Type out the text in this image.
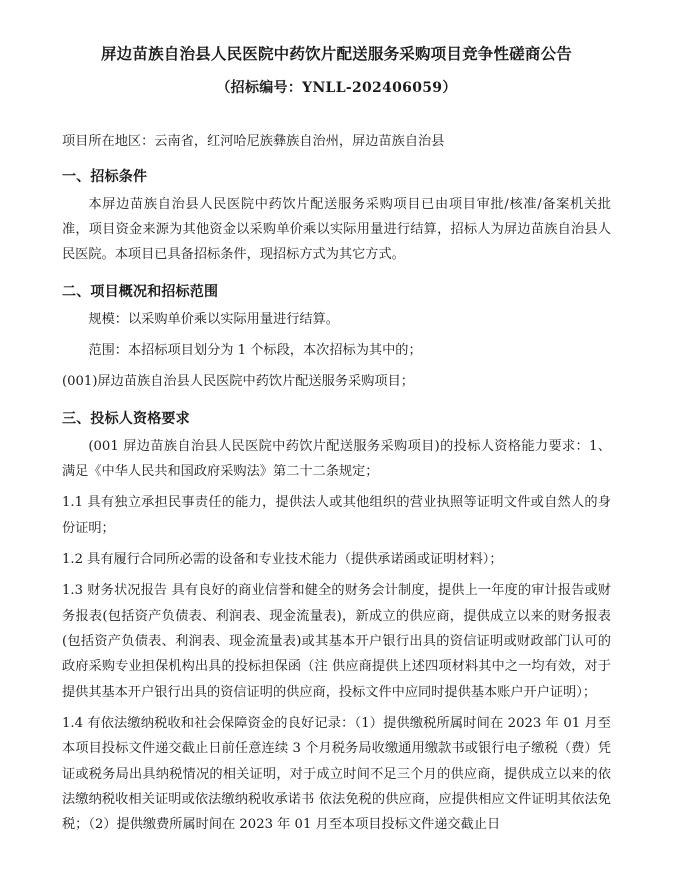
屏边苗族自治县人民医院中药饮片配送服务采购项目竞争性磋商公告
（招标编号：YNLL-202406059）

项目所在地区：云南省，红河哈尼族彝族自治州，屏边苗族自治县

一、招标条件

本屏边苗族自治县人民医院中药饮片配送服务采购项目已由项目审批/核准/备案机关批准，项目资金来源为其他资金以采购单价乘以实际用量进行结算，招标人为屏边苗族自治县人民医院。本项目已具备招标条件，现招标方式为其它方式。

二、项目概况和招标范围

规模：以采购单价乘以实际用量进行结算。

范围：本招标项目划分为 1 个标段，本次招标为其中的；

(001)屏边苗族自治县人民医院中药饮片配送服务采购项目；

三、投标人资格要求

(001 屏边苗族自治县人民医院中药饮片配送服务采购项目)的投标人资格能力要求：1、满足《中华人民共和国政府采购法》第二十二条规定；

1.1 具有独立承担民事责任的能力，提供法人或其他组织的营业执照等证明文件或自然人的身份证明；

1.2 具有履行合同所必需的设备和专业技术能力（提供承诺函或证明材料）；

1.3 财务状况报告 具有良好的商业信誉和健全的财务会计制度，提供上一年度的审计报告或财务报表(包括资产负债表、利润表、现金流量表)，新成立的供应商，提供成立以来的财务报表(包括资产负债表、利润表、现金流量表)或其基本开户银行出具的资信证明或财政部门认可的政府采购专业担保机构出具的投标担保函（注 供应商提供上述四项材料其中之一均有效，对于提供其基本开户银行出具的资信证明的供应商，投标文件中应同时提供基本账户开户证明）；

1.4 有依法缴纳税收和社会保障资金的良好记录：（1）提供缴税所属时间在 2023 年 01 月至本项目投标文件递交截止日前任意连续 3 个月税务局收缴通用缴款书或银行电子缴税（费）凭证或税务局出具纳税情况的相关证明，对于成立时间不足三个月的供应商，提供成立以来的依法缴纳税收相关证明或依法缴纳税收承诺书 依法免税的供应商，应提供相应文件证明其依法免税；（2）提供缴费所属时间在 2023 年 01 月至本项目投标文件递交截止日
